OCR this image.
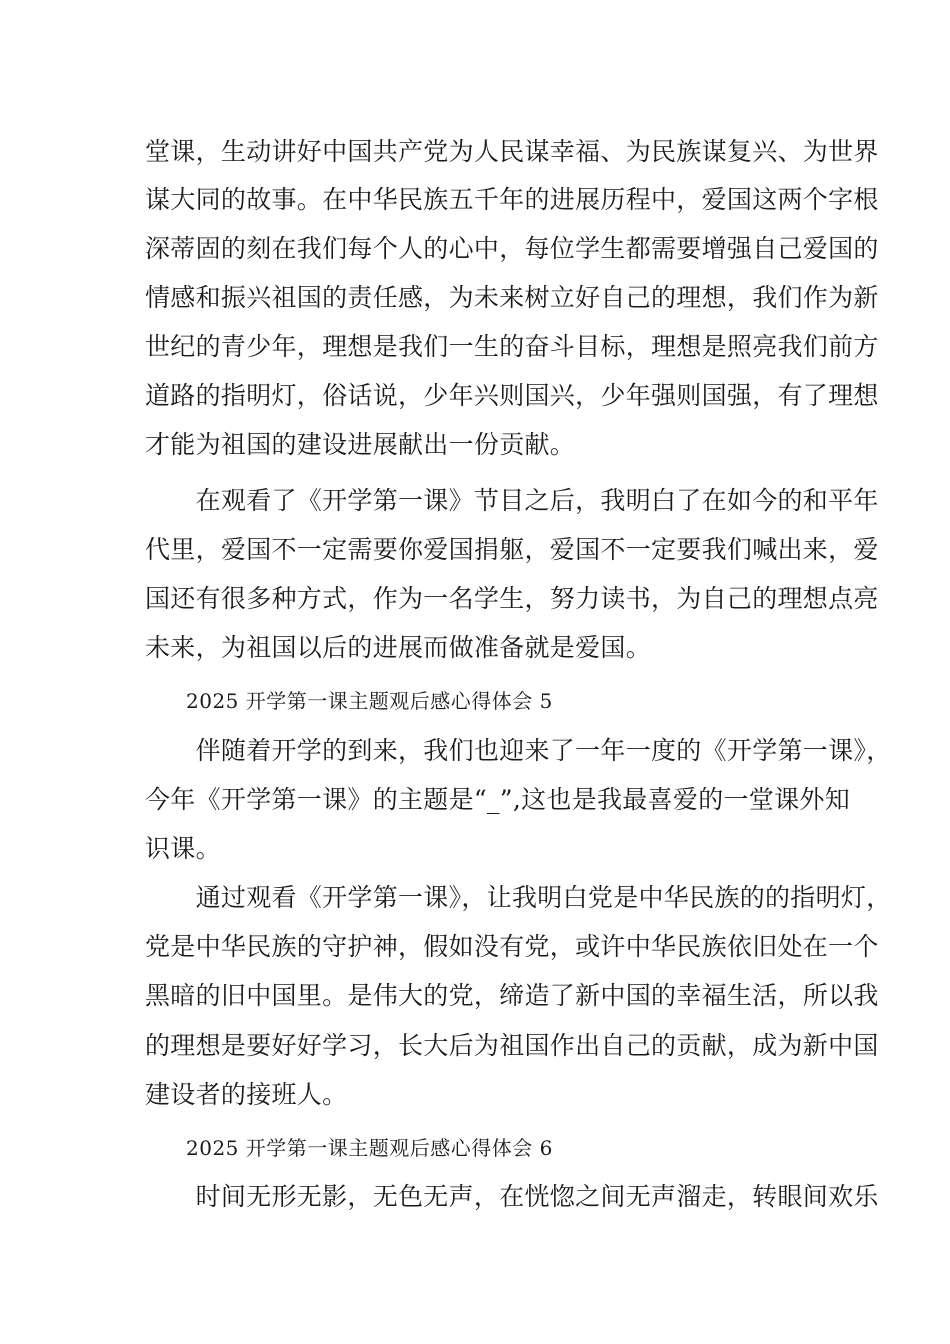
堂课，生动讲好中国共产党为人民谋幸福、为民族谋复兴、为世界
谋大同的故事。在中华民族五千年的进展历程中，爱国这两个字根
深蒂固的刻在我们每个人的心中，每位学生都需要增强自己爱国的
情感和振兴祖国的责任感，为未来树立好自己的理想，我们作为新
世纪的青少年，理想是我们一生的奋斗目标，理想是照亮我们前方
道路的指明灯，俗话说，少年兴则国兴，少年强则国强，有了理想
才能为祖国的建设进展献出一份贡献。
　　在观看了《开学第一课》节目之后，我明白了在如今的和平年
代里，爱国不一定需要你爱国捐躯，爱国不一定要我们喊出来，爱
国还有很多种方式，作为一名学生，努力读书，为自己的理想点亮
未来，为祖国以后的进展而做准备就是爱国。
　　2025 开学第一课主题观后感心得体会 5
　　伴随着开学的到来，我们也迎来了一年一度的《开学第一课》，
今年《开学第一课》的主题是“_”,这也是我最喜爱的一堂课外知
识课。
　　通过观看《开学第一课》，让我明白党是中华民族的的指明灯，
党是中华民族的守护神，假如没有党，或许中华民族依旧处在一个
黑暗的旧中国里。是伟大的党，缔造了新中国的幸福生活，所以我
的理想是要好好学习，长大后为祖国作出自己的贡献，成为新中国
建设者的接班人。
　　2025 开学第一课主题观后感心得体会 6
　　时间无形无影，无色无声，在恍惚之间无声溜走，转眼间欢乐
